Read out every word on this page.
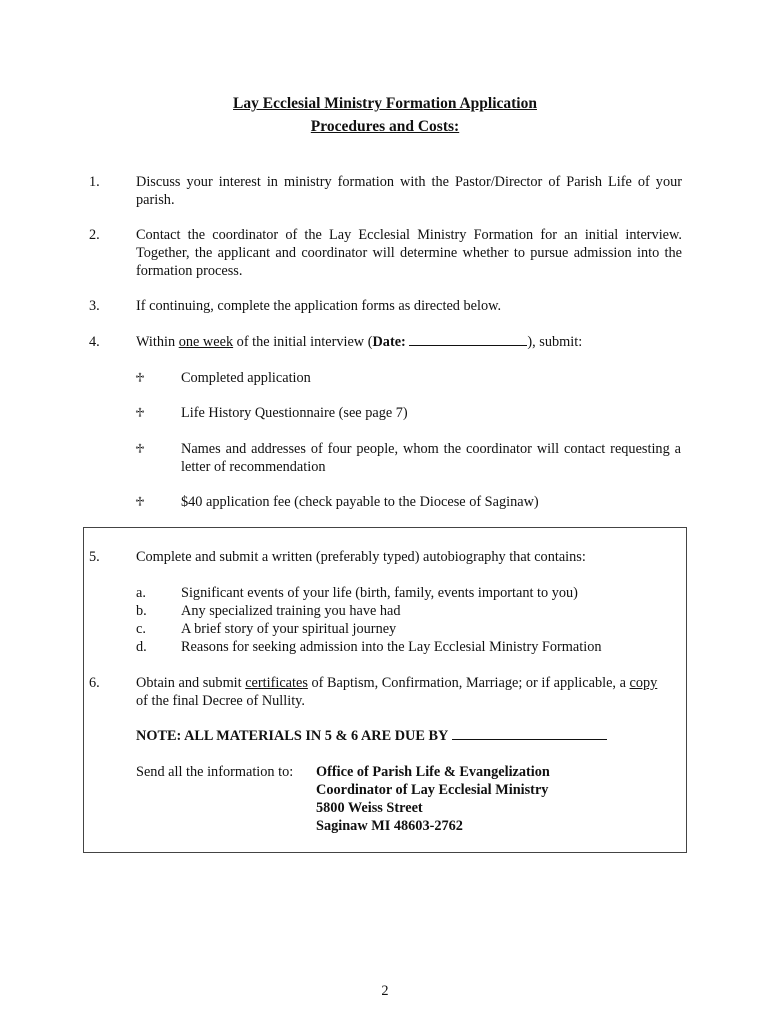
Lay Ecclesial Ministry Formation Application
Procedures and Costs:
1.	Discuss your interest in ministry formation with the Pastor/Director of Parish Life of your parish.
2.	Contact the coordinator of the Lay Ecclesial Ministry Formation for an initial interview. Together, the applicant and coordinator will determine whether to pursue admission into the formation process.
3.	If continuing, complete the application forms as directed below.
4.	Within one week of the initial interview (Date:	), submit:
♱	Completed application
♱	Life History Questionnaire (see page 7)
♱	Names and addresses of four people, whom the coordinator will contact requesting a letter of recommendation
♱	$40 application fee (check payable to the Diocese of Saginaw)
5.	Complete and submit a written (preferably typed) autobiography that contains:
a. Significant events of your life (birth, family, events important to you)
b. Any specialized training you have had
c. A brief story of your spiritual journey
d. Reasons for seeking admission into the Lay Ecclesial Ministry Formation
6.	Obtain and submit certificates of Baptism, Confirmation, Marriage; or if applicable, a copy of the final Decree of Nullity.
NOTE: ALL MATERIALS IN 5 & 6 ARE DUE BY
Send all the information to:	Office of Parish Life & Evangelization
Coordinator of Lay Ecclesial Ministry
5800 Weiss Street
Saginaw MI 48603-2762
2
